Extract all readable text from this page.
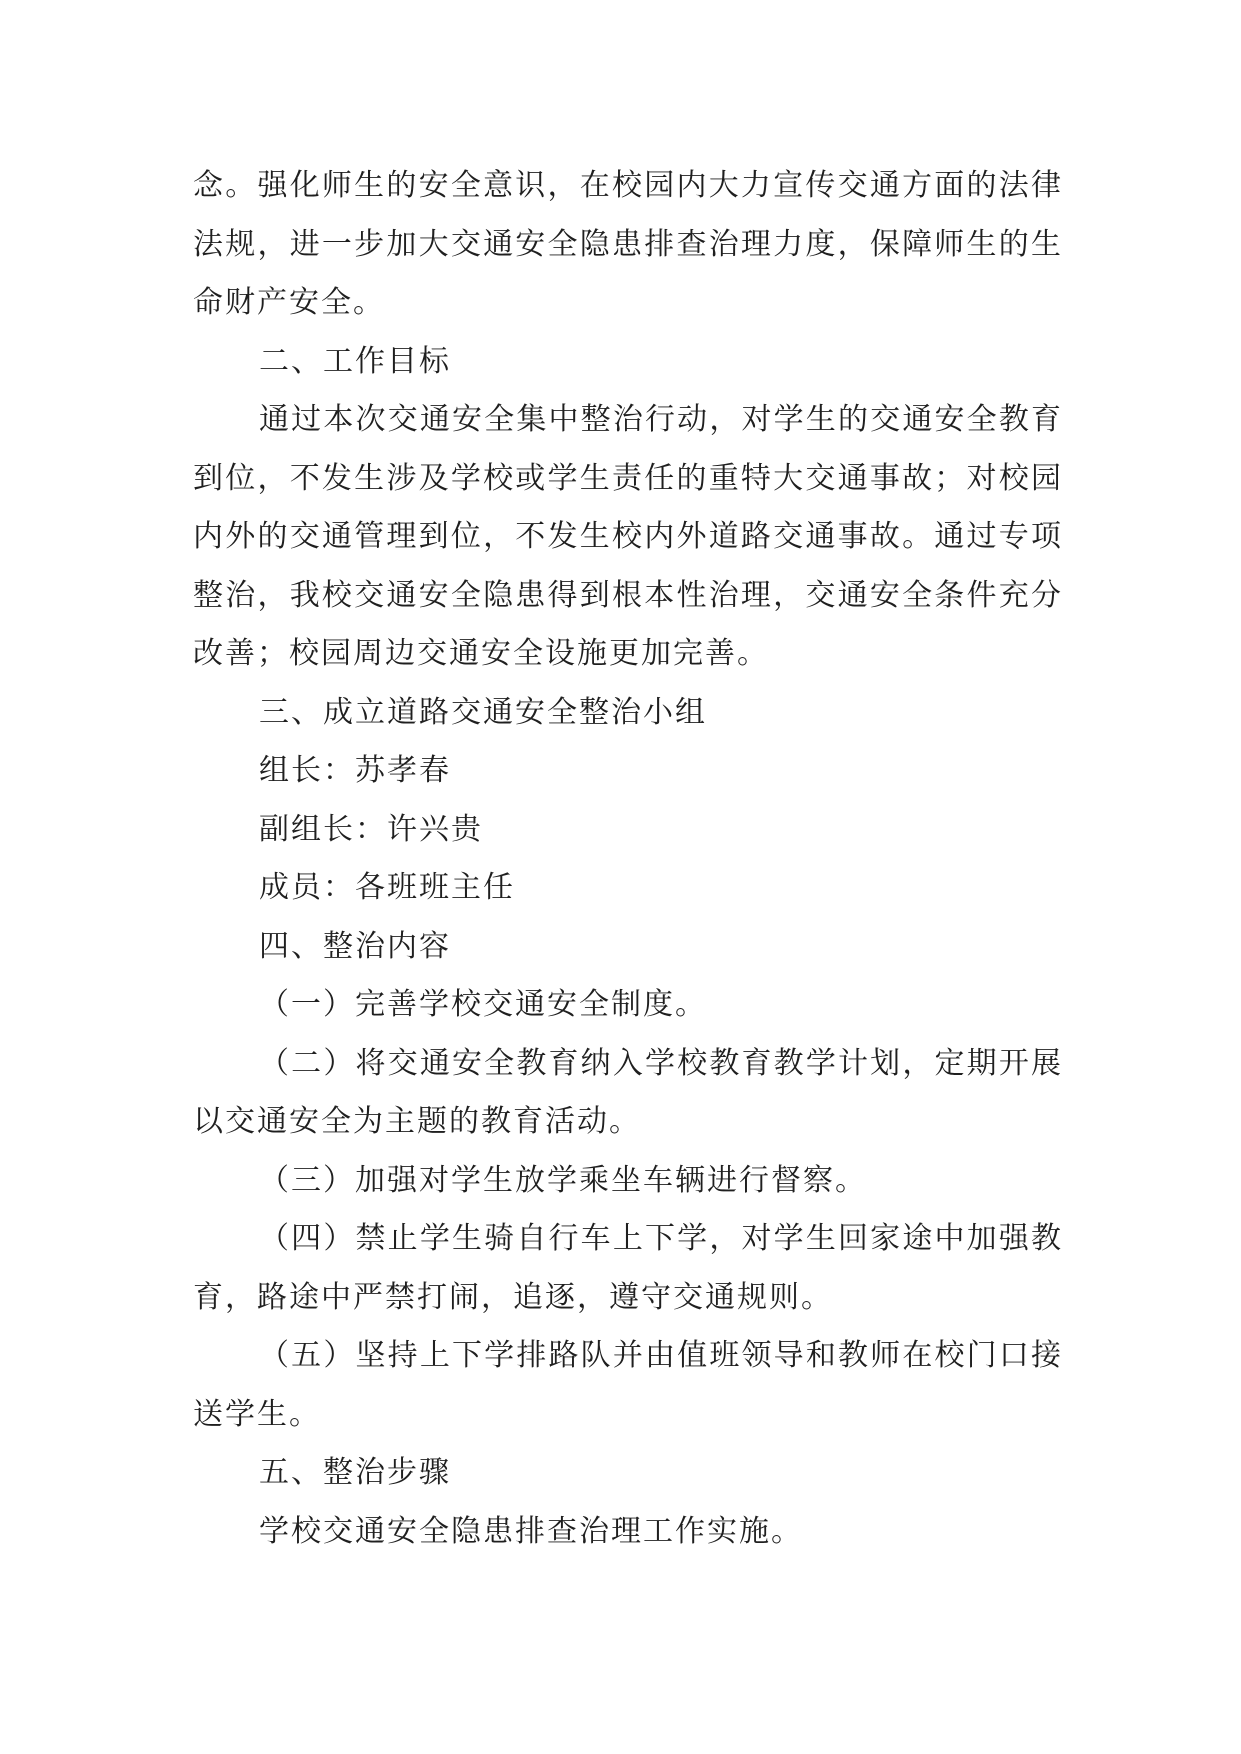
念。强化师生的安全意识，在校园内大力宣传交通方面的法律法规，进一步加大交通安全隐患排查治理力度，保障师生的生命财产安全。

二、工作目标

通过本次交通安全集中整治行动，对学生的交通安全教育到位，不发生涉及学校或学生责任的重特大交通事故；对校园内外的交通管理到位，不发生校内外道路交通事故。通过专项整治，我校交通安全隐患得到根本性治理，交通安全条件充分改善；校园周边交通安全设施更加完善。

三、成立道路交通安全整治小组

组长：苏孝春

副组长：许兴贵

成员：各班班主任

四、整治内容

（一）完善学校交通安全制度。

（二）将交通安全教育纳入学校教育教学计划，定期开展以交通安全为主题的教育活动。

（三）加强对学生放学乘坐车辆进行督察。

（四）禁止学生骑自行车上下学，对学生回家途中加强教育，路途中严禁打闹，追逐，遵守交通规则。

（五）坚持上下学排路队并由值班领导和教师在校门口接送学生。

五、整治步骤

学校交通安全隐患排查治理工作实施。
